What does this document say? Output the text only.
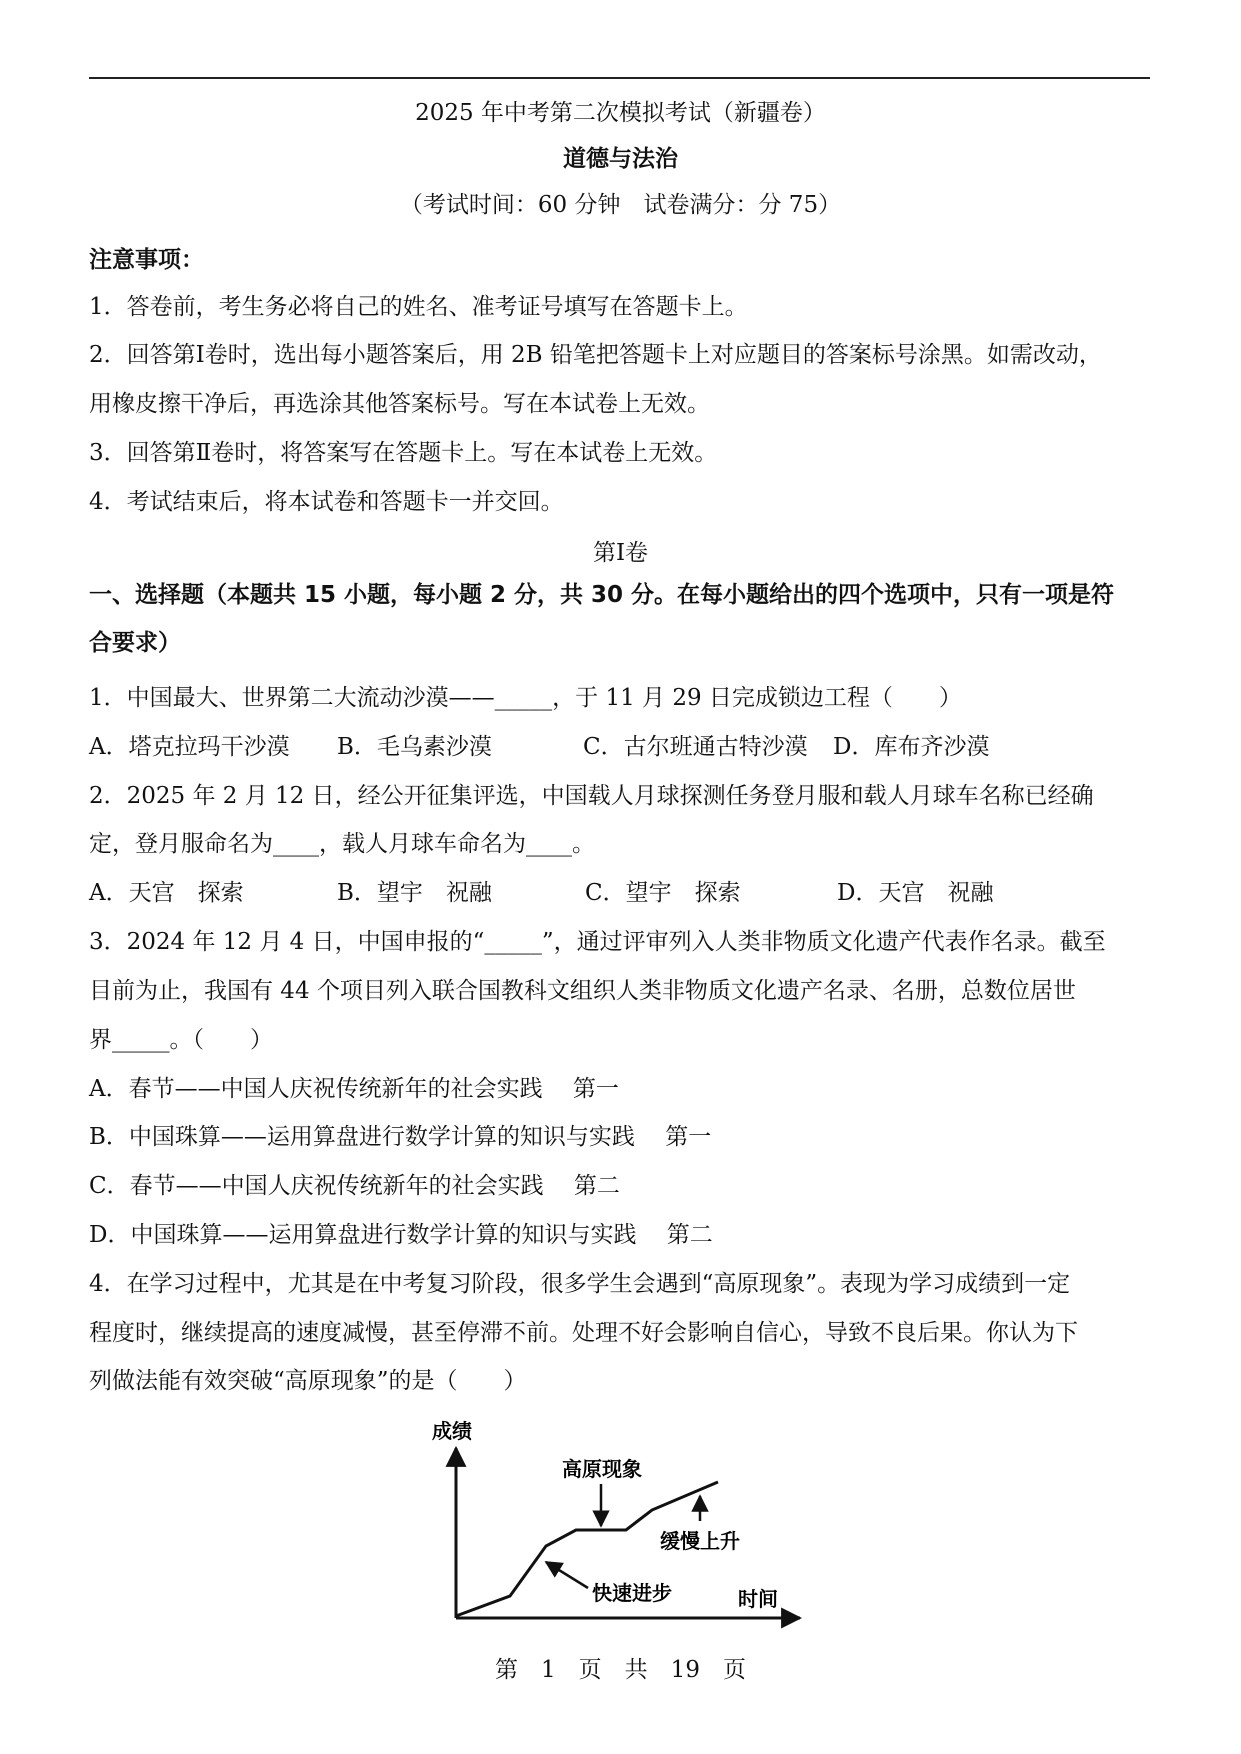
2025 年中考第二次模拟考试（新疆卷）
道德与法治
（考试时间：60 分钟　试卷满分：分 75）
注意事项：
1．答卷前，考生务必将自己的姓名、准考证号填写在答题卡上。
2．回答第Ⅰ卷时，选出每小题答案后，用 2B 铅笔把答题卡上对应题目的答案标号涂黑。如需改动，
用橡皮擦干净后，再选涂其他答案标号。写在本试卷上无效。
3．回答第Ⅱ卷时，将答案写在答题卡上。写在本试卷上无效。
4．考试结束后，将本试卷和答题卡一并交回。
第Ⅰ卷
一、选择题（本题共 15 小题，每小题 2 分，共 30 分。在每小题给出的四个选项中，只有一项是符
合要求）
1．中国最大、世界第二大流动沙漠——_____，于 11 月 29 日完成锁边工程（　　）
A．塔克拉玛干沙漠	B．毛乌素沙漠	C．古尔班通古特沙漠	D．库布齐沙漠
2．2025 年 2 月 12 日，经公开征集评选，中国载人月球探测任务登月服和载人月球车名称已经确
定，登月服命名为____，载人月球车命名为____。
A．天宫　探索	B．望宇　祝融	C．望宇　探索	D．天宫　祝融
3．2024 年 12 月 4 日，中国申报的“_____”，通过评审列入人类非物质文化遗产代表作名录。截至
目前为止，我国有 44 个项目列入联合国教科文组织人类非物质文化遗产名录、名册，总数位居世
界_____。（　　）
A．春节——中国人庆祝传统新年的社会实践　 第一
B．中国珠算——运用算盘进行数学计算的知识与实践　 第一
C．春节——中国人庆祝传统新年的社会实践　 第二
D．中国珠算——运用算盘进行数学计算的知识与实践　 第二
4．在学习过程中，尤其是在中考复习阶段，很多学生会遇到“高原现象”。表现为学习成绩到一定
程度时，继续提高的速度减慢，甚至停滞不前。处理不好会影响自信心，导致不良后果。你认为下
列做法能有效突破“高原现象”的是（　　）
成绩
高原现象
缓慢上升
快速进步	时间
第　1　页　共　19　页
